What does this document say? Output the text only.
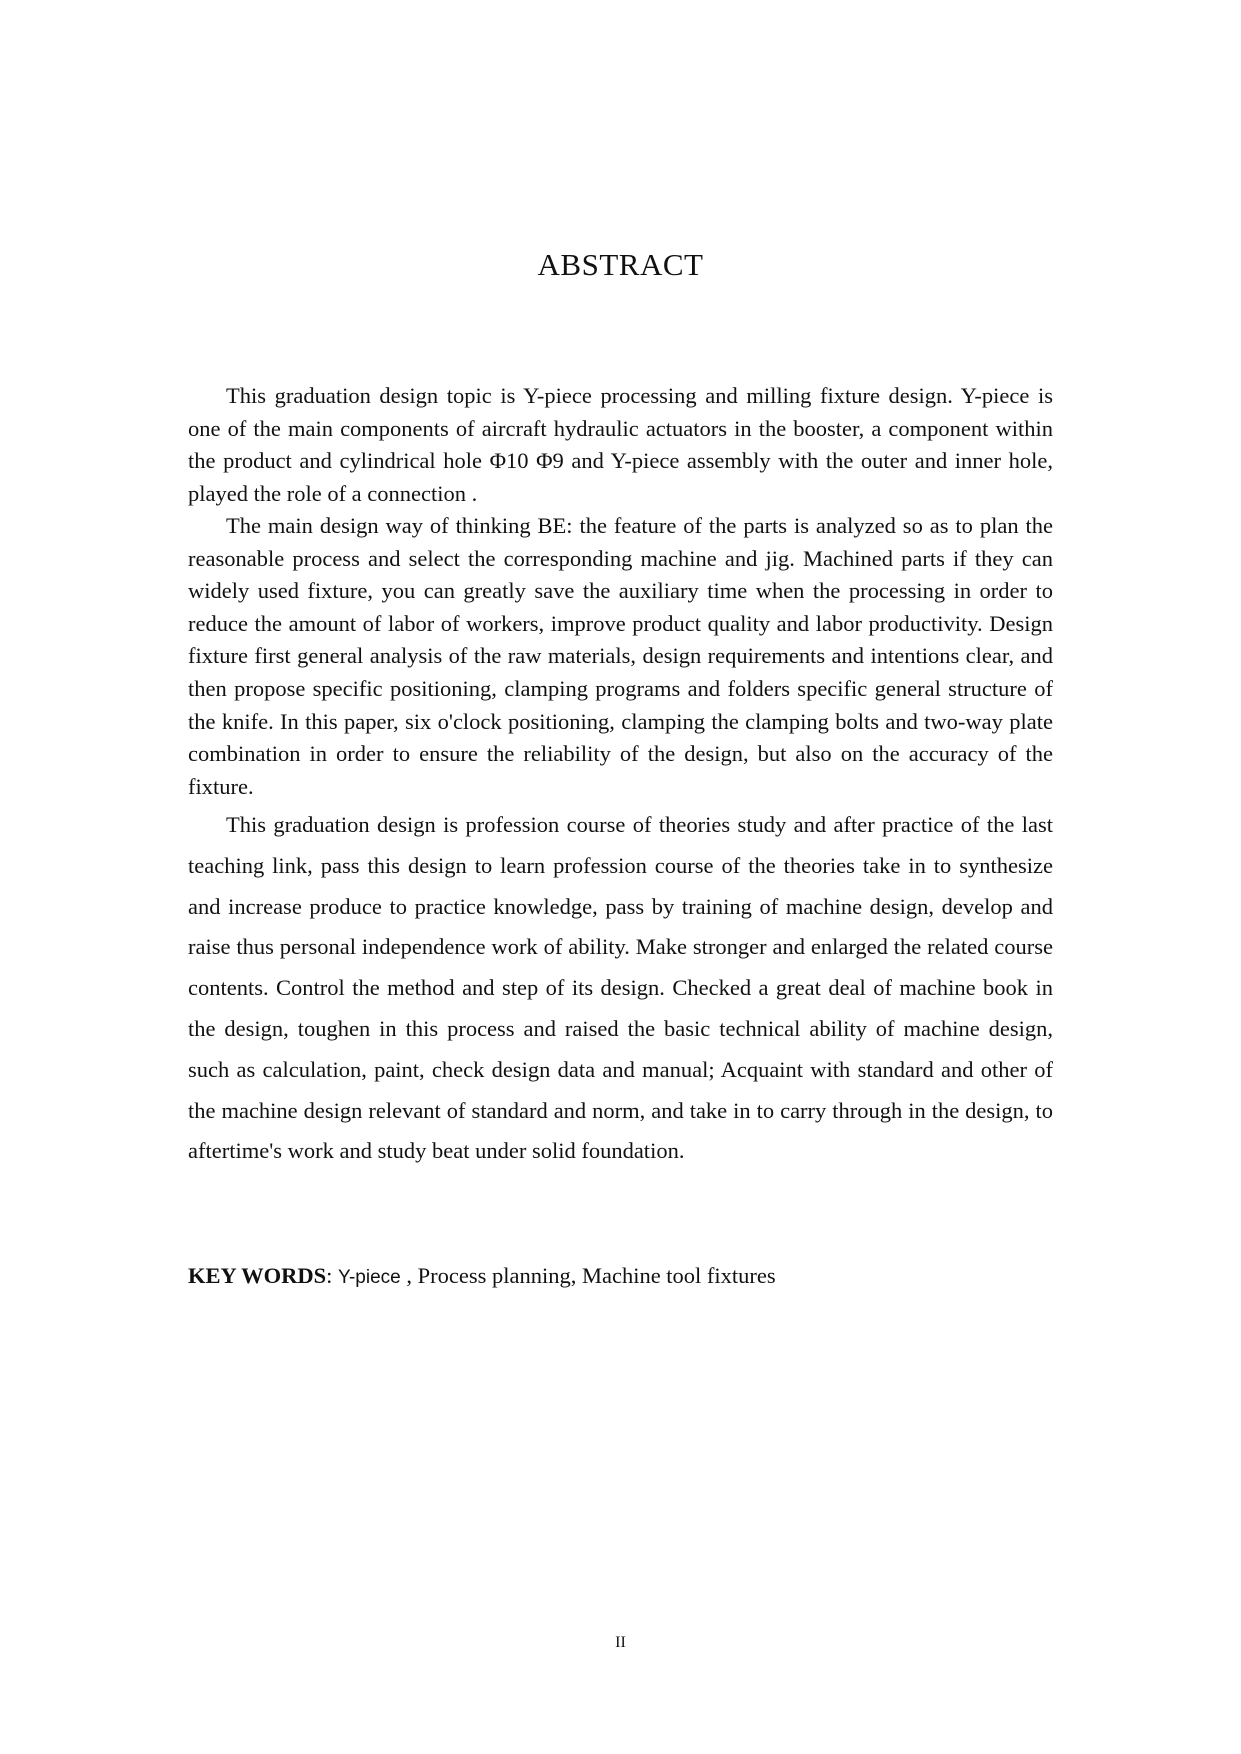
ABSTRACT

This graduation design topic is Y-piece processing and milling fixture design. Y-piece is one of the main components of aircraft hydraulic actuators in the booster, a component within the product and cylindrical hole Φ10 Φ9 and Y-piece assembly with the outer and inner hole, played the role of a connection .

The main design way of thinking BE: the feature of the parts is analyzed so as to plan the reasonable process and select the corresponding machine and jig. Machined parts if they can widely used fixture, you can greatly save the auxiliary time when the processing in order to reduce the amount of labor of workers, improve product quality and labor productivity. Design fixture first general analysis of the raw materials, design requirements and intentions clear, and then propose specific positioning, clamping programs and folders specific general structure of the knife. In this paper, six o'clock positioning, clamping the clamping bolts and two-way plate combination in order to ensure the reliability of the design, but also on the accuracy of the fixture.

This graduation design is profession course of theories study and after practice of the last teaching link, pass this design to learn profession course of the theories take in to synthesize and increase produce to practice knowledge, pass by training of machine design, develop and raise thus personal independence work of ability. Make stronger and enlarged the related course contents. Control the method and step of its design. Checked a great deal of machine book in the design, toughen in this process and raised the basic technical ability of machine design, such as calculation, paint, check design data and manual; Acquaint with standard and other of the machine design relevant of standard and norm, and take in to carry through in the design, to aftertime's work and study beat under solid foundation.

KEY WORDS: Y-piece , Process planning, Machine tool fixtures

II
